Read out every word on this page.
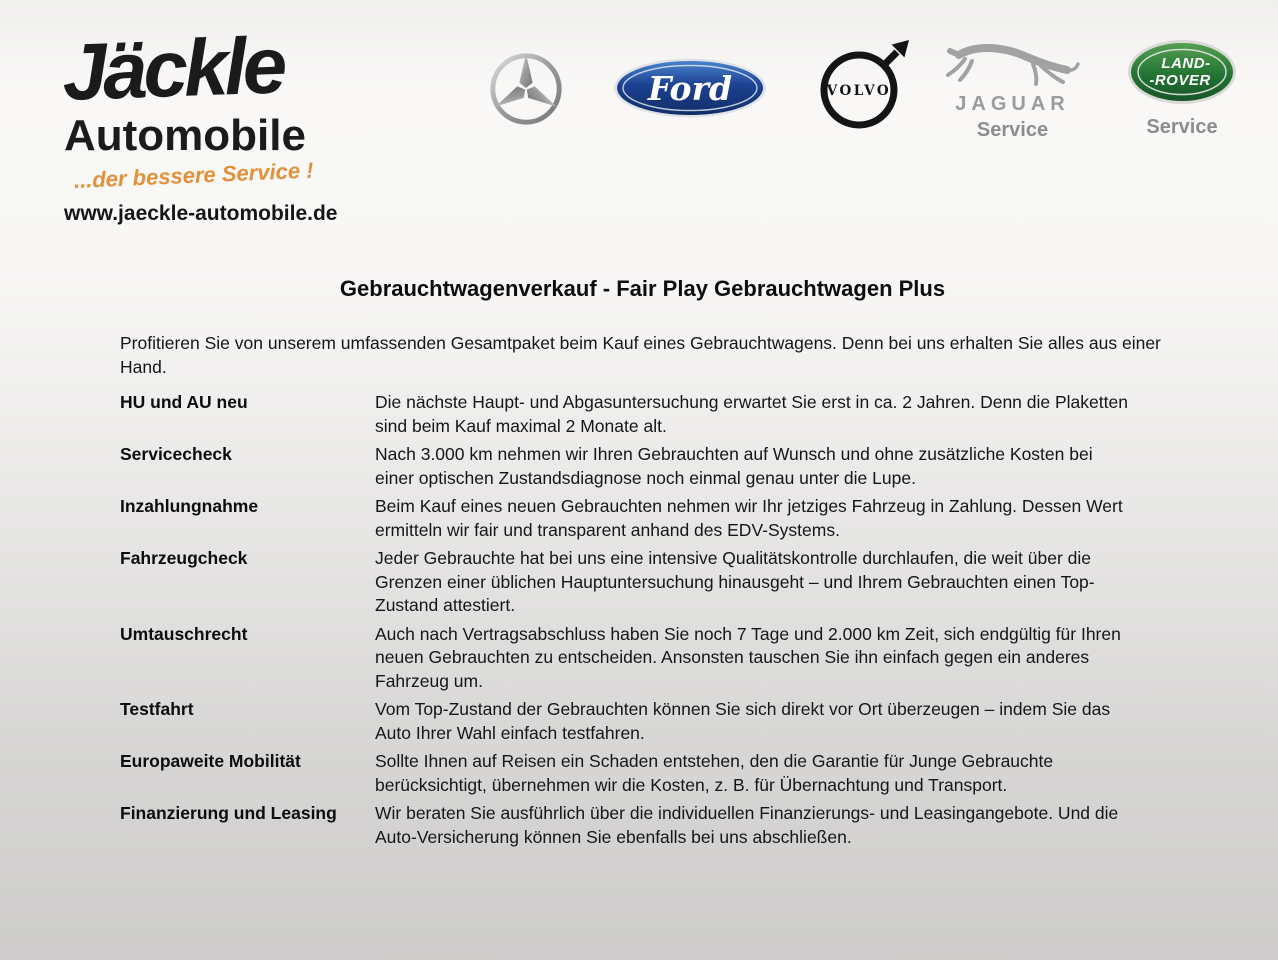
Jäckle
Automobile
...der bessere Service !
www.jaeckle-automobile.de
Ford	VOLVO
JAGUAR
Service
LAND-
-ROVER
Service
Gebrauchtwagenverkauf - Fair Play Gebrauchtwagen Plus

Profitieren Sie von unserem umfassenden Gesamtpaket beim Kauf eines Gebrauchtwagens. Denn bei uns erhalten Sie alles aus einer Hand.

HU und AU neu	Die nächste Haupt- und Abgasuntersuchung erwartet Sie erst in ca. 2 Jahren. Denn die Plaketten sind beim Kauf maximal 2 Monate alt.
Servicecheck	Nach 3.000 km nehmen wir Ihren Gebrauchten auf Wunsch und ohne zusätzliche Kosten bei einer optischen Zustandsdiagnose noch einmal genau unter die Lupe.
Inzahlungnahme	Beim Kauf eines neuen Gebrauchten nehmen wir Ihr jetziges Fahrzeug in Zahlung. Dessen Wert ermitteln wir fair und transparent anhand des EDV-Systems.
Fahrzeugcheck	Jeder Gebrauchte hat bei uns eine intensive Qualitätskontrolle durchlaufen, die weit über die Grenzen einer üblichen Hauptuntersuchung hinausgeht – und Ihrem Gebrauchten einen Top-Zustand attestiert.
Umtauschrecht	Auch nach Vertragsabschluss haben Sie noch 7 Tage und 2.000 km Zeit, sich endgültig für Ihren neuen Gebrauchten zu entscheiden. Ansonsten tauschen Sie ihn einfach gegen ein anderes Fahrzeug um.
Testfahrt	Vom Top-Zustand der Gebrauchten können Sie sich direkt vor Ort überzeugen – indem Sie das Auto Ihrer Wahl einfach testfahren.
Europaweite Mobilität	Sollte Ihnen auf Reisen ein Schaden entstehen, den die Garantie für Junge Gebrauchte berücksichtigt, übernehmen wir die Kosten, z. B. für Übernachtung und Transport.
Finanzierung und Leasing	Wir beraten Sie ausführlich über die individuellen Finanzierungs- und Leasingangebote. Und die Auto-Versicherung können Sie ebenfalls bei uns abschließen.
